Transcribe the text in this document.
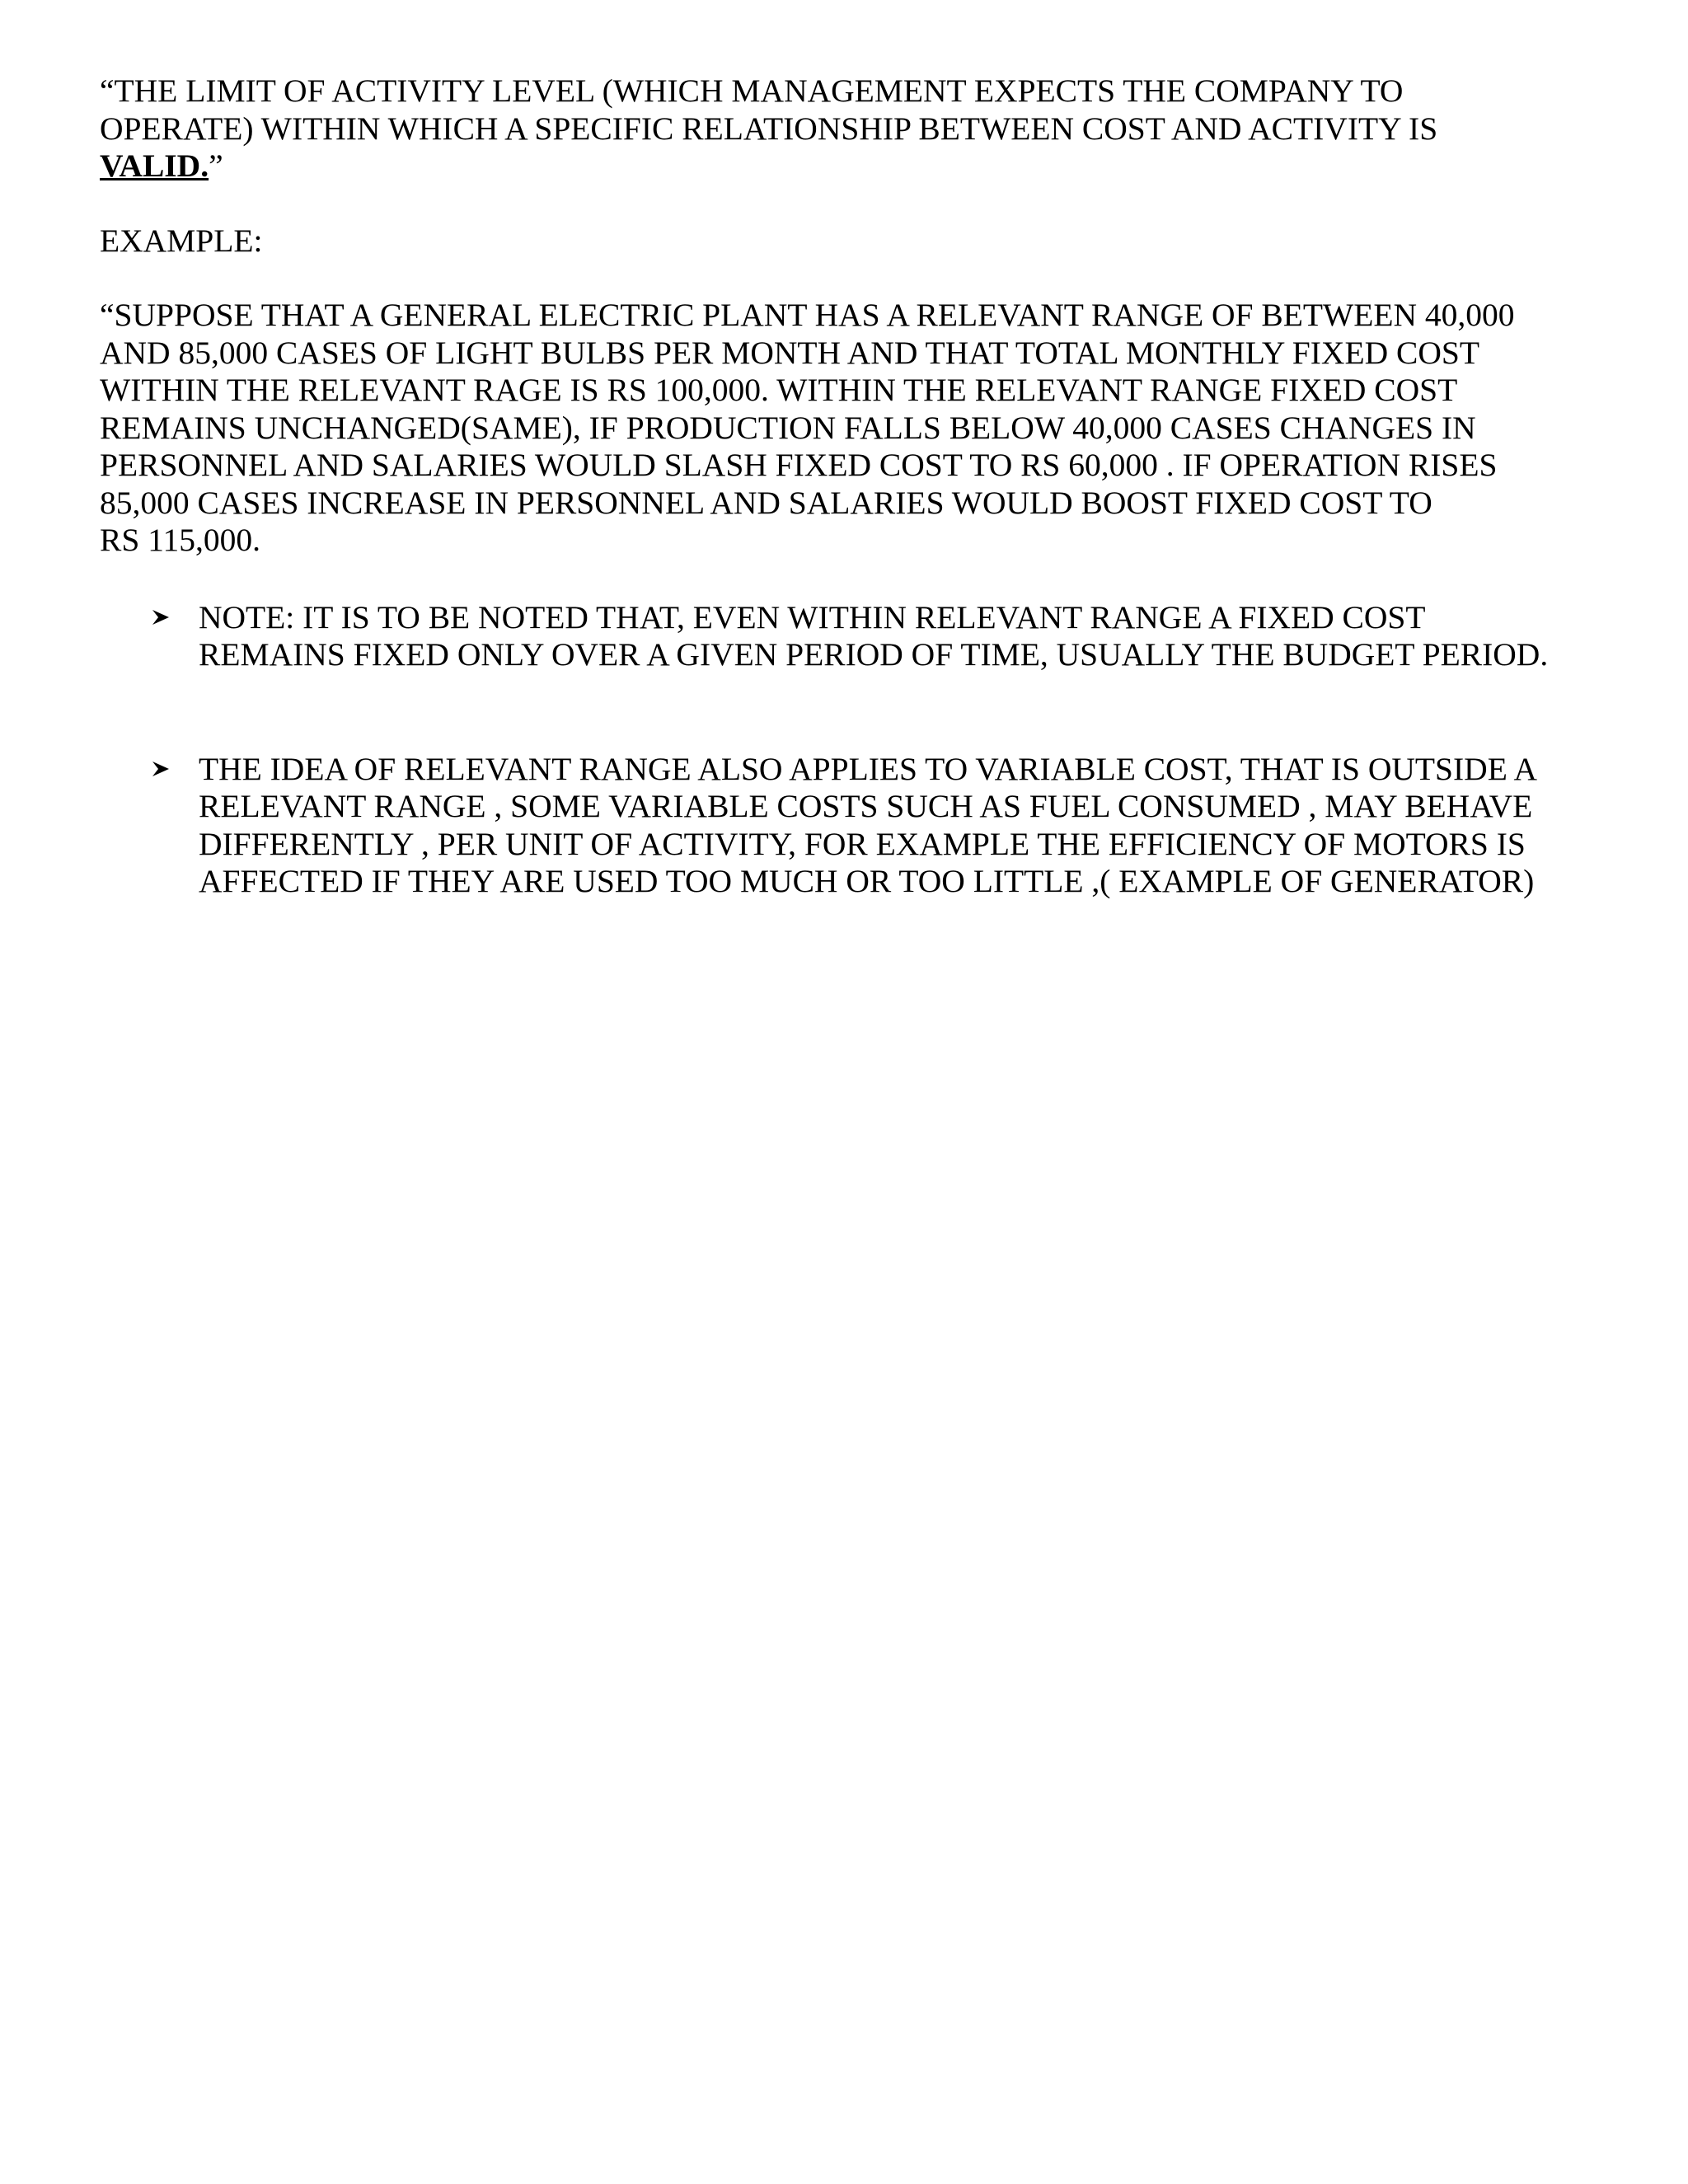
“THE LIMIT OF ACTIVITY LEVEL (WHICH MANAGEMENT EXPECTS THE COMPANY TO
OPERATE) WITHIN WHICH A SPECIFIC RELATIONSHIP BETWEEN COST AND ACTIVITY IS
VALID.”

EXAMPLE:

“SUPPOSE THAT A GENERAL ELECTRIC PLANT HAS A RELEVANT RANGE OF BETWEEN 40,000
AND 85,000 CASES OF LIGHT BULBS PER MONTH AND THAT TOTAL MONTHLY FIXED COST
WITHIN THE RELEVANT RAGE IS RS 100,000. WITHIN THE RELEVANT RANGE FIXED COST
REMAINS UNCHANGED(SAME), IF PRODUCTION FALLS BELOW 40,000 CASES CHANGES IN
PERSONNEL AND SALARIES WOULD SLASH FIXED COST TO RS 60,000 . IF OPERATION RISES
85,000 CASES INCREASE IN PERSONNEL AND SALARIES WOULD BOOST FIXED COST TO
RS 115,000.

NOTE: IT IS TO BE NOTED THAT, EVEN WITHIN RELEVANT RANGE A FIXED COST
REMAINS FIXED ONLY OVER A GIVEN PERIOD OF TIME, USUALLY THE BUDGET PERIOD.
THE IDEA OF RELEVANT RANGE ALSO APPLIES TO VARIABLE COST, THAT IS OUTSIDE A
RELEVANT RANGE , SOME VARIABLE COSTS SUCH AS FUEL CONSUMED , MAY BEHAVE
DIFFERENTLY , PER UNIT OF ACTIVITY, FOR EXAMPLE THE EFFICIENCY OF MOTORS IS
AFFECTED IF THEY ARE USED TOO MUCH OR TOO LITTLE ,( EXAMPLE OF GENERATOR)
